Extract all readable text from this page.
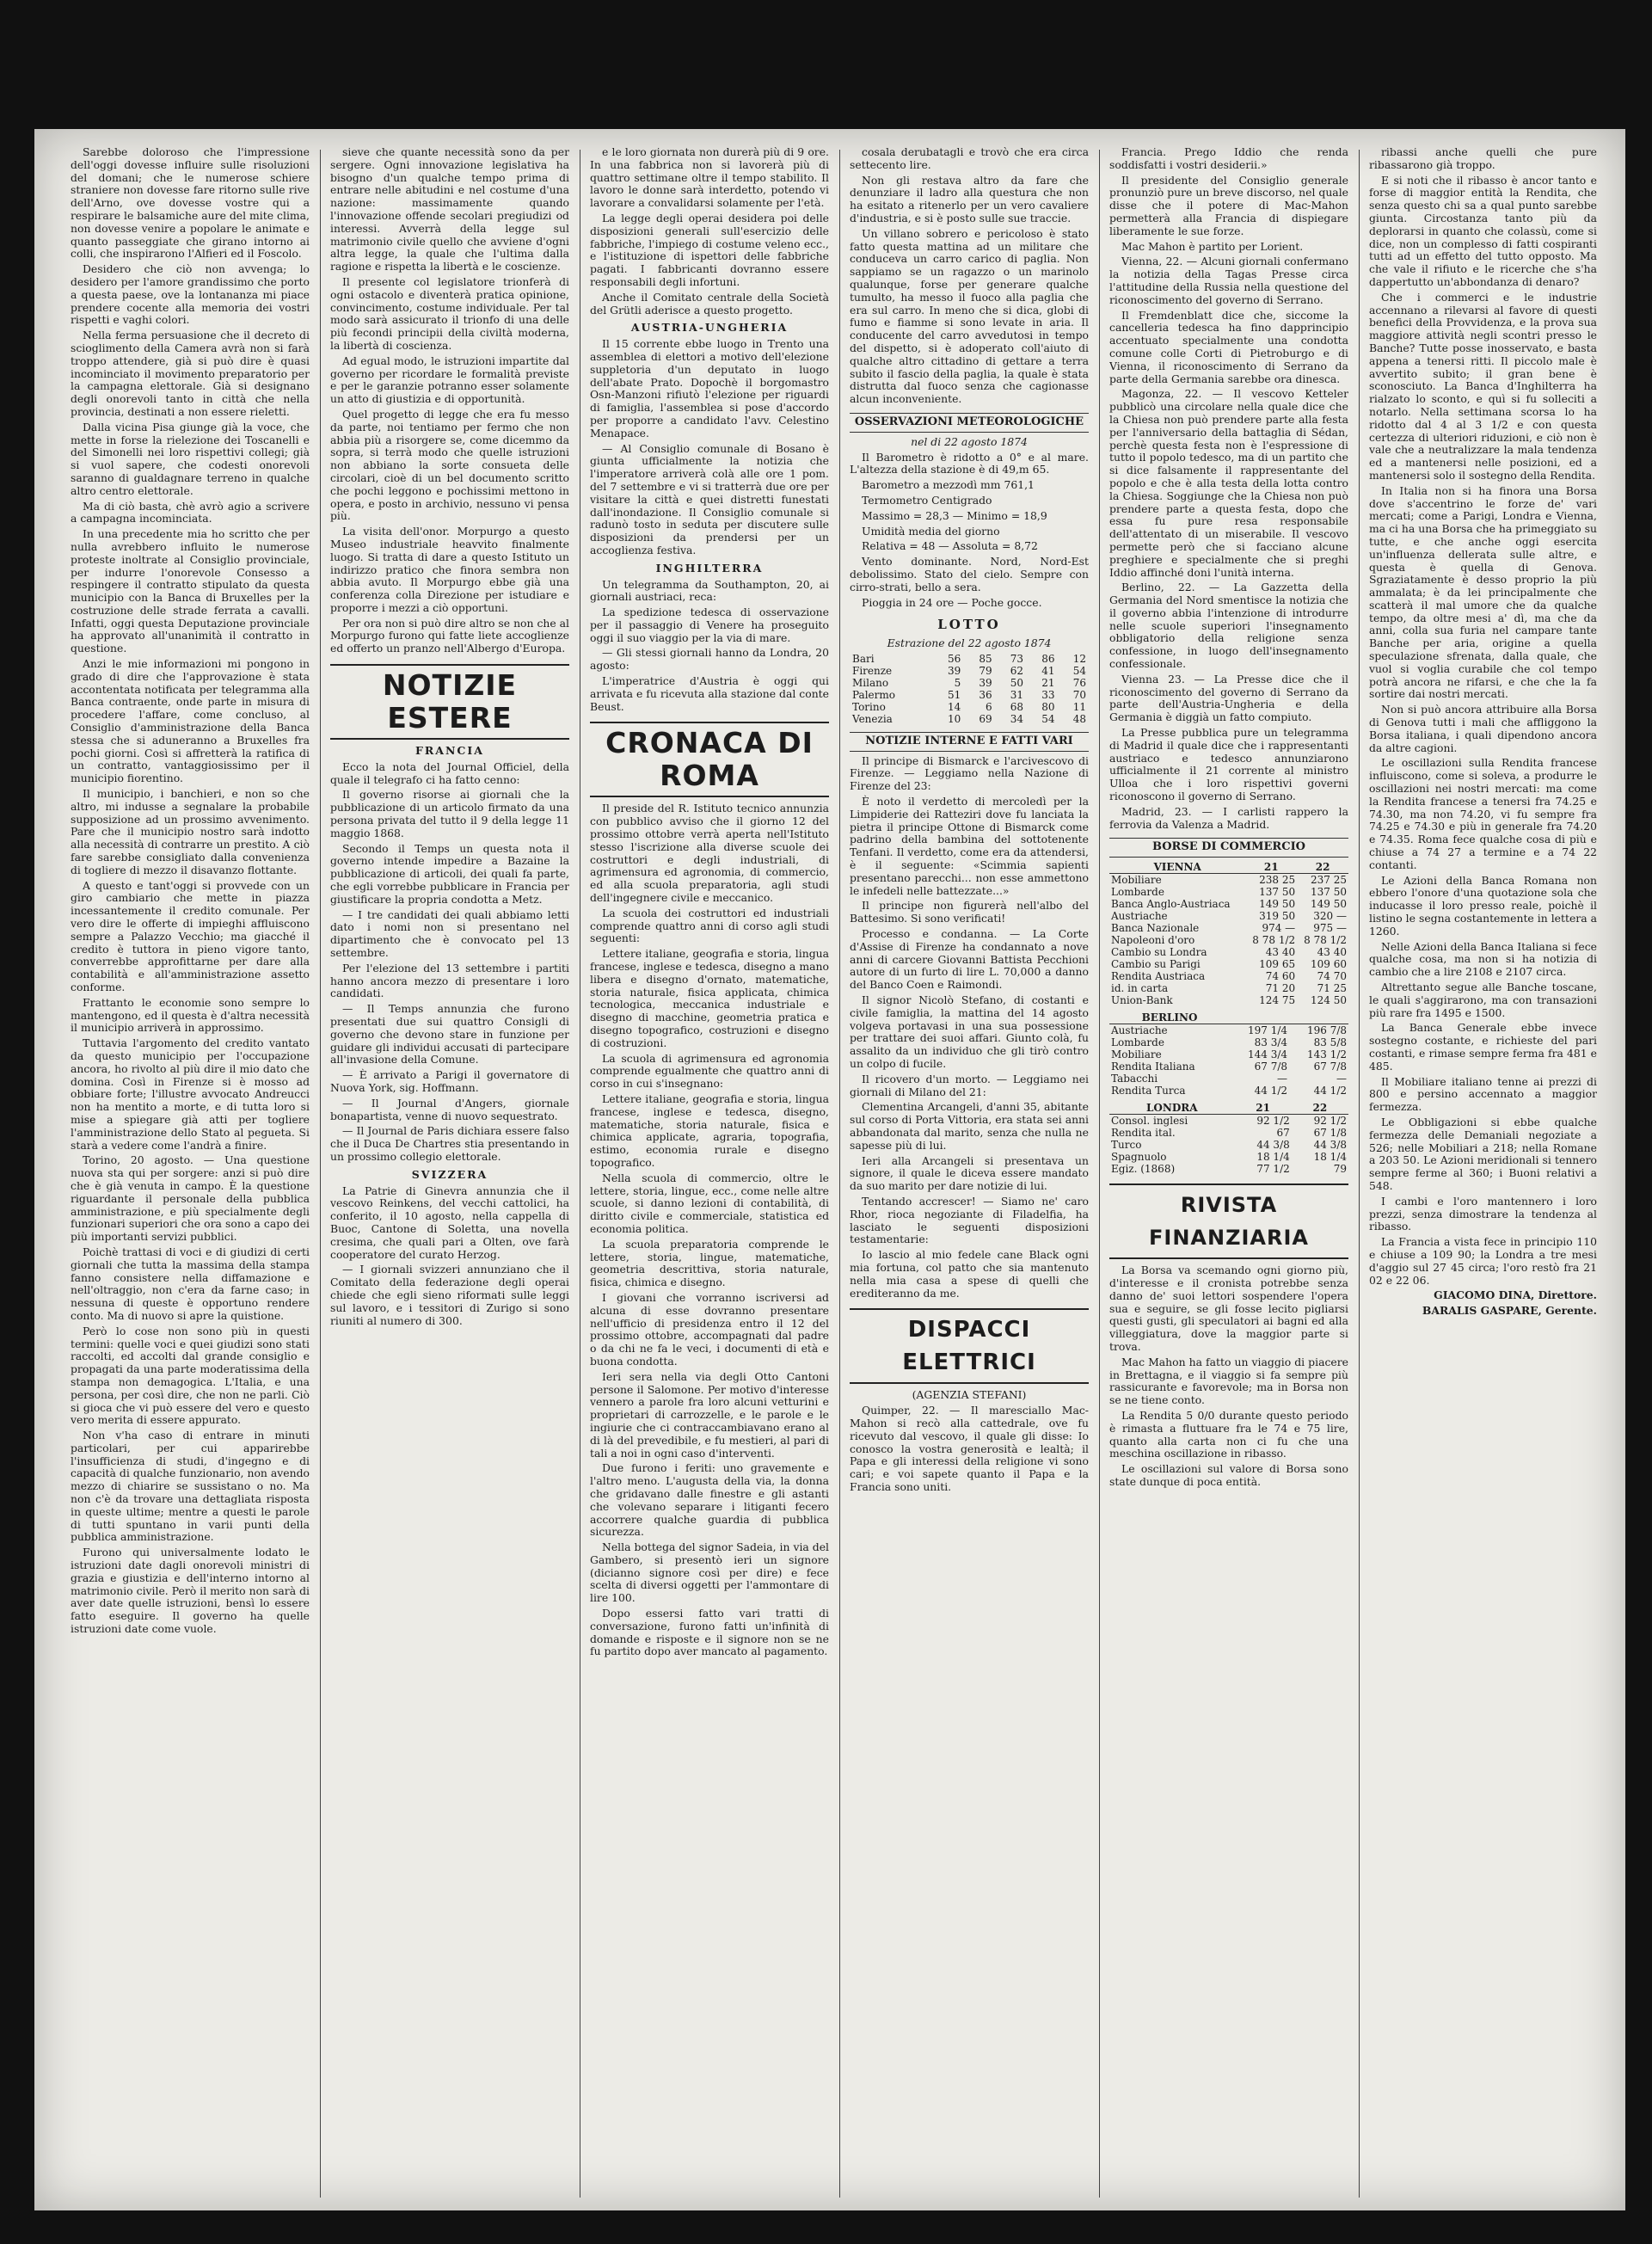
Sarebbe doloroso che l'impressione dell'oggi dovesse influire sulle risoluzioni del domani; che le numerose schiere straniere non dovesse fare ritorno sulle rive dell'Arno, ove dovesse vostre qui a respirare le balsamiche aure del mite clima, non dovesse venire a popolare le animate e quanto passeggiate che girano intorno ai colli, che inspirarono l'Alfieri ed il Foscolo.

Desidero che ciò non avvenga; lo desidero per l'amore grandissimo che porto a questa paese, ove la lontananza mi piace prendere cocente alla memoria dei vostri rispetti e vaghi colori.

Nella ferma persuasione che il decreto di scioglimento della Camera avrà non si farà troppo attendere, già si può dire è quasi incominciato il movimento preparatorio per la campagna elettorale. Già si designano degli onorevoli tanto in città che nella provincia, destinati a non essere rieletti.

Dalla vicina Pisa giunge già la voce, che mette in forse la rielezione dei Toscanelli e del Simonelli nei loro rispettivi collegi; già si vuol sapere, che codesti onorevoli saranno di gualdagnare terreno in qualche altro centro elettorale.

Ma di ciò basta, chè avrò agio a scrivere a campagna incominciata.

In una precedente mia ho scritto che per nulla avrebbero influito le numerose proteste inoltrate al Consiglio provinciale, per indurre l'onorevole Consesso a respingere il contratto stipulato da questa municipio con la Banca di Bruxelles per la costruzione delle strade ferrata a cavalli. Infatti, oggi questa Deputazione provinciale ha approvato all'unanimità il contratto in questione.

Anzi le mie informazioni mi pongono in grado di dire che l'approvazione è stata accontentata notificata per telegramma alla Banca contraente, onde parte in misura di procedere l'affare, come concluso, al Consiglio d'amministrazione della Banca stessa che si aduneranno a Bruxelles fra pochi giorni. Così si affretterà la ratifica di un contratto, vantaggiosissimo per il municipio fiorentino.

Il municipio, i banchieri, e non so che altro, mi indusse a segnalare la probabile supposizione ad un prossimo avvenimento. Pare che il municipio nostro sarà indotto alla necessità di contrarre un prestito. A ciò fare sarebbe consigliato dalla convenienza di togliere di mezzo il disavanzo flottante.

A questo e tant'oggi si provvede con un giro cambiario che mette in piazza incessantemente il credito comunale. Per vero dire le offerte di impieghi affluiscono sempre a Palazzo Vecchio; ma giacché il credito è tuttora in pieno vigore tanto, converrebbe approfittarne per dare alla contabilità e all'amministrazione assetto conforme.

Frattanto le economie sono sempre lo mantengono, ed il questa è d'altra necessità il municipio arriverà in approssimo.

Tuttavia l'argomento del credito vantato da questo municipio per l'occupazione ancora, ho rivolto al più dire il mio dato che domina. Così in Firenze si è mosso ad obbiare forte; l'illustre avvocato Andreucci non ha mentito a morte, e di tutta loro si mise a spiegare già atti per togliere l'amministrazione dello Stato al pegueta. Si starà a vedere come l'andrà a finire.

Torino, 20 agosto. — Una questione nuova sta qui per sorgere: anzi si può dire che è già venuta in campo. È la questione riguardante il personale della pubblica amministrazione, e più specialmente degli funzionari superiori che ora sono a capo dei più importanti servizi pubblici.

Poichè trattasi di voci e di giudizi di certi giornali che tutta la massima della stampa fanno consistere nella diffamazione e nell'oltraggio, non c'era da farne caso; in nessuna di queste è opportuno rendere conto. Ma di nuovo si apre la quistione.

Però lo cose non sono più in questi termini: quelle voci e quei giudizi sono stati raccolti, ed accolti dal grande consiglio e propagati da una parte moderatissima della stampa non demagogica. L'Italia, e una persona, per così dire, che non ne parli. Ciò si gioca che vi può essere del vero e questo vero merita di essere appurato.

Non v'ha caso di entrare in minuti particolari, per cui apparirebbe l'insufficienza di studi, d'ingegno e di capacità di qualche funzionario, non avendo mezzo di chiarire se sussistano o no. Ma non c'è da trovare una dettagliata risposta in queste ultime; mentre a questi le parole di tutti spuntano in varii punti della pubblica amministrazione.

Furono qui universalmente lodato le istruzioni date dagli onorevoli ministri di grazia e giustizia e dell'interno intorno al matrimonio civile. Però il merito non sarà di aver date quelle istruzioni, bensì lo essere fatto eseguire. Il governo ha quelle istruzioni date come vuole.

sieve che quante necessità sono da per sergere. Ogni innovazione legislativa ha bisogno d'un qualche tempo prima di entrare nelle abitudini e nel costume d'una nazione: massimamente quando l'innovazione offende secolari pregiudizi od interessi. Avverrà della legge sul matrimonio civile quello che avviene d'ogni altra legge, la quale che l'ultima dalla ragione e rispetta la libertà e le coscienze.

Il presente col legislatore trionferà di ogni ostacolo e diventerà pratica opinione, convincimento, costume individuale. Per tal modo sarà assicurato il trionfo di una delle più fecondi principii della civiltà moderna, la libertà di coscienza.

Ad egual modo, le istruzioni impartite dal governo per ricordare le formalità previste e per le garanzie potranno esser solamente un atto di giustizia e di opportunità.

Quel progetto di legge che era fu messo da parte, noi tentiamo per fermo che non abbia più a risorgere se, come dicemmo da sopra, si terrà modo che quelle istruzioni non abbiano la sorte consueta delle circolari, cioè di un bel documento scritto che pochi leggono e pochissimi mettono in opera, e posto in archivio, nessuno vi pensa più.

La visita dell'onor. Morpurgo a questo Museo industriale heavvito finalmente luogo. Si tratta di dare a questo Istituto un indirizzo pratico che finora sembra non abbia avuto. Il Morpurgo ebbe già una conferenza colla Direzione per istudiare e proporre i mezzi a ciò opportuni.

Per ora non si può dire altro se non che al Morpurgo furono qui fatte liete accoglienze ed offerto un pranzo nell'Albergo d'Europa.

NOTIZIE ESTERE
FRANCIA

Ecco la nota del Journal Officiel, della quale il telegrafo ci ha fatto cenno:

Il governo risorse ai giornali che la pubblicazione di un articolo firmato da una persona privata del tutto il 9 della legge 11 maggio 1868.

Secondo il Temps un questa nota il governo intende impedire a Bazaine la pubblicazione di articoli, dei quali fa parte, che egli vorrebbe pubblicare in Francia per giustificare la propria condotta a Metz.

— I tre candidati dei quali abbiamo letti dato i nomi non si presentano nel dipartimento che è convocato pel 13 settembre.

Per l'elezione del 13 settembre i partiti hanno ancora mezzo di presentare i loro candidati.

— Il Temps annunzia che furono presentati due sui quattro Consigli di governo che devono stare in funzione per guidare gli individui accusati di partecipare all'invasione della Comune.

— È arrivato a Parigi il governatore di Nuova York, sig. Hoffmann.

— Il Journal d'Angers, giornale bonapartista, venne di nuovo sequestrato.

— Il Journal de Paris dichiara essere falso che il Duca De Chartres stia presentando in un prossimo collegio elettorale.

SVIZZERA

La Patrie di Ginevra annunzia che il vescovo Reinkens, del vecchi cattolici, ha conferito, il 10 agosto, nella cappella di Buoc, Cantone di Soletta, una novella cresima, che quali pari a Olten, ove farà cooperatore del curato Herzog.

— I giornali svizzeri annunziano che il Comitato della federazione degli operai chiede che egli sieno riformati sulle leggi sul lavoro, e i tessitori di Zurigo si sono riuniti al numero di 300.

e le loro giornata non durerà più di 9 ore. In una fabbrica non si lavorerà più di quattro settimane oltre il tempo stabilito. Il lavoro le donne sarà interdetto, potendo vi lavorare a convalidarsi solamente per l'età.

La legge degli operai desidera poi delle disposizioni generali sull'esercizio delle fabbriche, l'impiego di costume veleno ecc., e l'istituzione di ispettori delle fabbriche pagati. I fabbricanti dovranno essere responsabili degli infortuni.

Anche il Comitato centrale della Società del Grütli aderisce a questo progetto.

AUSTRIA-UNGHERIA

Il 15 corrente ebbe luogo in Trento una assemblea di elettori a motivo dell'elezione suppletoria d'un deputato in luogo dell'abate Prato. Dopochè il borgomastro Osn-Manzoni rifiutò l'elezione per riguardi di famiglia, l'assemblea si pose d'accordo per proporre a candidato l'avv. Celestino Menapace.

— Al Consiglio comunale di Bosano è giunta ufficialmente la notizia che l'imperatore arriverà colà alle ore 1 pom. del 7 settembre e vi si tratterrà due ore per visitare la città e quei distretti funestati dall'inondazione. Il Consiglio comunale si radunò tosto in seduta per discutere sulle disposizioni da prendersi per un accoglienza festiva.

INGHILTERRA

Un telegramma da Southampton, 20, ai giornali austriaci, reca:

La spedizione tedesca di osservazione per il passaggio di Venere ha proseguito oggi il suo viaggio per la via di mare.

— Gli stessi giornali hanno da Londra, 20 agosto:

L'imperatrice d'Austria è oggi qui arrivata e fu ricevuta alla stazione dal conte Beust.

CRONACA DI ROMA

Il preside del R. Istituto tecnico annunzia con pubblico avviso che il giorno 12 del prossimo ottobre verrà aperta nell'Istituto stesso l'iscrizione alla diverse scuole dei costruttori e degli industriali, di agrimensura ed agronomia, di commercio, ed alla scuola preparatoria, agli studi dell'ingegnere civile e meccanico.

La scuola dei costruttori ed industriali comprende quattro anni di corso agli studi seguenti:

Lettere italiane, geografia e storia, lingua francese, inglese e tedesca, disegno a mano libera e disegno d'ornato, matematiche, storia naturale, fisica applicata, chimica tecnologica, meccanica industriale e disegno di macchine, geometria pratica e disegno topografico, costruzioni e disegno di costruzioni.

La scuola di agrimensura ed agronomia comprende egualmente che quattro anni di corso in cui s'insegnano:

Lettere italiane, geografia e storia, lingua francese, inglese e tedesca, disegno, matematiche, storia naturale, fisica e chimica applicate, agraria, topografia, estimo, economia rurale e disegno topografico.

Nella scuola di commercio, oltre le lettere, storia, lingue, ecc., come nelle altre scuole, si danno lezioni di contabilità, di diritto civile e commerciale, statistica ed economia politica.

La scuola preparatoria comprende le lettere, storia, lingue, matematiche, geometria descrittiva, storia naturale, fisica, chimica e disegno.

I giovani che vorranno iscriversi ad alcuna di esse dovranno presentare nell'ufficio di presidenza entro il 12 del prossimo ottobre, accompagnati dal padre o da chi ne fa le veci, i documenti di età e buona condotta.

Ieri sera nella via degli Otto Cantoni persone il Salomone. Per motivo d'interesse vennero a parole fra loro alcuni vetturini e proprietari di carrozzelle, e le parole e le ingiurie che ci contraccambiavano erano al di là del prevedibile, e fu mestieri, al pari di tali a noi in ogni caso d'interventi.

Due furono i feriti: uno gravemente e l'altro meno. L'augusta della via, la donna che gridavano dalle finestre e gli astanti che volevano separare i litiganti fecero accorrere qualche guardia di pubblica sicurezza.

Nella bottega del signor Sadeia, in via del Gambero, si presentò ieri un signore (dicianno signore così per dire) e fece scelta di diversi oggetti per l'ammontare di lire 100.

Dopo essersi fatto vari tratti di conversazione, furono fatti un'infinità di domande e risposte e il signore non se ne fu partito dopo aver mancato al pagamento.

cosala derubatagli e trovò che era circa settecento lire.

Non gli restava altro da fare che denunziare il ladro alla questura che non ha esitato a ritenerlo per un vero cavaliere d'industria, e si è posto sulle sue traccie.

Un villano sobrero e pericoloso è stato fatto questa mattina ad un militare che conduceva un carro carico di paglia. Non sappiamo se un ragazzo o un marinolo qualunque, forse per generare qualche tumulto, ha messo il fuoco alla paglia che era sul carro. In meno che si dica, globi di fumo e fiamme si sono levate in aria. Il conducente del carro avvedutosi in tempo del dispetto, si è adoperato coll'aiuto di qualche altro cittadino di gettare a terra subito il fascio della paglia, la quale è stata distrutta dal fuoco senza che cagionasse alcun inconveniente.

OSSERVAZIONI METEOROLOGICHE

nel di 22 agosto 1874

Il Barometro è ridotto a 0° e al mare. L'altezza della stazione è di 49,m 65.

Barometro a mezzodì mm 761,1

Termometro Centigrado

Massimo = 28,3 — Minimo = 18,9

Umidità media del giorno

Relativa = 48 — Assoluta = 8,72

Vento dominante. Nord, Nord-Est debolissimo. Stato del cielo. Sempre con cirro-strati, bello a sera.

Pioggia in 24 ore — Poche gocce.

LOTTO

Estrazione del 22 agosto 1874

Bari	56	85	73	86	12
Firenze	39	79	62	41	54
Milano	5	39	50	21	76
Palermo	51	36	31	33	70
Torino	14	6	68	80	11
Venezia	10	69	34	54	48
NOTIZIE INTERNE E FATTI VARI

Il principe di Bismarck e l'arcivescovo di Firenze. — Leggiamo nella Nazione di Firenze del 23:

È noto il verdetto di mercoledì per la Limpiderie dei Ratteziri dove fu lanciata la pietra il principe Ottone di Bismarck come padrino della bambina del sottotenente Tenfani. Il verdetto, come era da attendersi, è il seguente: «Scimmia sapienti presentano parecchi... non esse ammettono le infedeli nelle battezzate...»

Il principe non figurerà nell'albo del Battesimo. Si sono verificati!

Processo e condanna. — La Corte d'Assise di Firenze ha condannato a nove anni di carcere Giovanni Battista Pecchioni autore di un furto di lire L. 70,000 a danno del Banco Coen e Raimondi.

Il signor Nicolò Stefano, di costanti e civile famiglia, la mattina del 14 agosto volgeva portavasi in una sua possessione per trattare dei suoi affari. Giunto colà, fu assalito da un individuo che gli tirò contro un colpo di fucile.

Il ricovero d'un morto. — Leggiamo nei giornali di Milano del 21:

Clementina Arcangeli, d'anni 35, abitante sul corso di Porta Vittoria, era stata sei anni abbandonata dal marito, senza che nulla ne sapesse più di lui.

Ieri alla Arcangeli si presentava un signore, il quale le diceva essere mandato da suo marito per dare notizie di lui.

Tentando accrescer! — Siamo ne' caro Rhor, rioca negoziante di Filadelfia, ha lasciato le seguenti disposizioni testamentarie:

Io lascio al mio fedele cane Black ogni mia fortuna, col patto che sia mantenuto nella mia casa a spese di quelli che erediteranno da me.

DISPACCI ELETTRICI

(AGENZIA STEFANI)

Quimper, 22. — Il maresciallo Mac-Mahon si recò alla cattedrale, ove fu ricevuto dal vescovo, il quale gli disse: Io conosco la vostra generosità e lealtà; il Papa e gli interessi della religione vi sono cari; e voi sapete quanto il Papa e la Francia sono uniti.

Francia. Prego Iddio che renda soddisfatti i vostri desiderii.»

Il presidente del Consiglio generale pronunziò pure un breve discorso, nel quale disse che il potere di Mac-Mahon permetterà alla Francia di dispiegare liberamente le sue forze.

Mac Mahon è partito per Lorient.

Vienna, 22. — Alcuni giornali confermano la notizia della Tagas Presse circa l'attitudine della Russia nella questione del riconoscimento del governo di Serrano.

Il Fremdenblatt dice che, siccome la cancelleria tedesca ha fino dapprincipio accentuato specialmente una condotta comune colle Corti di Pietroburgo e di Vienna, il riconoscimento di Serrano da parte della Germania sarebbe ora dinesca.

Magonza, 22. — Il vescovo Ketteler pubblicò una circolare nella quale dice che la Chiesa non può prendere parte alla festa per l'anniversario della battaglia di Sédan, perchè questa festa non è l'espressione di tutto il popolo tedesco, ma di un partito che si dice falsamente il rappresentante del popolo e che è alla testa della lotta contro la Chiesa. Soggiunge che la Chiesa non può prendere parte a questa festa, dopo che essa fu pure resa responsabile dell'attentato di un miserabile. Il vescovo permette però che si facciano alcune preghiere e specialmente che si preghi Iddio affinché doni l'unità interna.

Berlino, 22. — La Gazzetta della Germania del Nord smentisce la notizia che il governo abbia l'intenzione di introdurre nelle scuole superiori l'insegnamento obbligatorio della religione senza confessione, in luogo dell'insegnamento confessionale.

Vienna 23. — La Presse dice che il riconoscimento del governo di Serrano da parte dell'Austria-Ungheria e della Germania è diggià un fatto compiuto.

La Presse pubblica pure un telegramma di Madrid il quale dice che i rappresentanti austriaco e tedesco annunziarono ufficialmente il 21 corrente al ministro Ulloa che i loro rispettivi governi riconoscono il governo di Serrano.

Madrid, 23. — I carlisti rappero la ferrovia da Valenza a Madrid.

BORSE DI COMMERCIO
VIENNA	21	22
Mobiliare	238 25	237 25
Lombarde	137 50	137 50
Banca Anglo-Austriaca	149 50	149 50
Austriache	319 50	320 —
Banca Nazionale	974 —	975 —
Napoleoni d'oro	8 78 1/2	8 78 1/2
Cambio su Londra	43 40	43 40
Cambio su Parigi	109 65	109 60
Rendita Austriaca	74 60	74 70
id. in carta	71 20	71 25
Union-Bank	124 75	124 50
BERLINO		
Austriache	197 1/4	196 7/8
Lombarde	83 3/4	83 5/8
Mobiliare	144 3/4	143 1/2
Rendita Italiana	67 7/8	67 7/8
Tabacchi	—	—
Rendita Turca	44 1/2	44 1/2
LONDRA	21	22
Consol. inglesi	92 1/2	92 1/2
Rendita ital.	67	67 1/8
Turco	44 3/8	44 3/8
Spagnuolo	18 1/4	18 1/4
Egiz. (1868)	77 1/2	79
RIVISTA FINANZIARIA

La Borsa va scemando ogni giorno più, d'interesse e il cronista potrebbe senza danno de' suoi lettori sospendere l'opera sua e seguire, se gli fosse lecito pigliarsi questi gusti, gli speculatori ai bagni ed alla villeggiatura, dove la maggior parte si trova.

Mac Mahon ha fatto un viaggio di piacere in Brettagna, e il viaggio si fa sempre più rassicurante e favorevole; ma in Borsa non se ne tiene conto.

La Rendita 5 0/0 durante questo periodo è rimasta a fluttuare fra le 74 e 75 lire, quanto alla carta non ci fu che una meschina oscillazione in ribasso.

Le oscillazioni sul valore di Borsa sono state dunque di poca entità.

ribassi anche quelli che pure ribassarono già troppo.

E si noti che il ribasso è ancor tanto e forse di maggior entità la Rendita, che senza questo chi sa a qual punto sarebbe giunta. Circostanza tanto più da deplorarsi in quanto che colassù, come si dice, non un complesso di fatti cospiranti tutti ad un effetto del tutto opposto. Ma che vale il rifiuto e le ricerche che s'ha dappertutto un'abbondanza di denaro?

Che i commerci e le industrie accennano a rilevarsi al favore di questi benefici della Provvidenza, e la prova sua maggiore attività negli scontri presso le Banche? Tutte posse inosservato, e basta appena a tenersi ritti. Il piccolo male è avvertito subito; il gran bene è sconosciuto. La Banca d'Inghilterra ha rialzato lo sconto, e quì si fu solleciti a notarlo. Nella settimana scorsa lo ha ridotto dal 4 al 3 1/2 e con questa certezza di ulteriori riduzioni, e ciò non è vale che a neutralizzare la mala tendenza ed a mantenersi nelle posizioni, ed a mantenersi solo il sostegno della Rendita.

In Italia non si ha finora una Borsa dove s'accentrino le forze de' vari mercati; come a Parigi, Londra e Vienna, ma ci ha una Borsa che ha primeggiato su tutte, e che anche oggi esercita un'influenza dellerata sulle altre, e questa è quella di Genova. Sgraziatamente è desso proprio la più ammalata; è da lei principalmente che scatterà il mal umore che da qualche tempo, da oltre mesi a' dì, ma che da anni, colla sua furia nel campare tante Banche per aria, origine a quella speculazione sfrenata, dalla quale, che vuol si voglia curabile che col tempo potrà ancora ne rifarsi, e che che la fa sortire dai nostri mercati.

Non si può ancora attribuire alla Borsa di Genova tutti i mali che affliggono la Borsa italiana, i quali dipendono ancora da altre cagioni.

Le oscillazioni sulla Rendita francese influiscono, come si soleva, a produrre le oscillazioni nei nostri mercati: ma come la Rendita francese a tenersi fra 74.25 e 74.30, ma non 74.20, vi fu sempre fra 74.25 e 74.30 e più in generale fra 74.20 e 74.35. Roma fece qualche cosa di più e chiuse a 74 27 a termine e a 74 22 contanti.

Le Azioni della Banca Romana non ebbero l'onore d'una quotazione sola che inducasse il loro presso reale, poichè il listino le segna costantemente in lettera a 1260.

Nelle Azioni della Banca Italiana si fece qualche cosa, ma non si ha notizia di cambio che a lire 2108 e 2107 circa.

Altrettanto segue alle Banche toscane, le quali s'aggirarono, ma con transazioni più rare fra 1495 e 1500.

La Banca Generale ebbe invece sostegno costante, e richieste del pari costanti, e rimase sempre ferma fra 481 e 485.

Il Mobiliare italiano tenne ai prezzi di 800 e persino accennato a maggior fermezza.

Le Obbligazioni si ebbe qualche fermezza delle Demaniali negoziate a 526; nelle Mobiliari a 218; nella Romane a 203 50. Le Azioni meridionali si tennero sempre ferme al 360; i Buoni relativi a 548.

I cambi e l'oro mantennero i loro prezzi, senza dimostrare la tendenza al ribasso.

La Francia a vista fece in principio 110 e chiuse a 109 90; la Londra a tre mesi d'aggio sul 27 45 circa; l'oro restò fra 21 02 e 22 06.

GIACOMO DINA, Direttore.

BARALIS GASPARE, Gerente.
